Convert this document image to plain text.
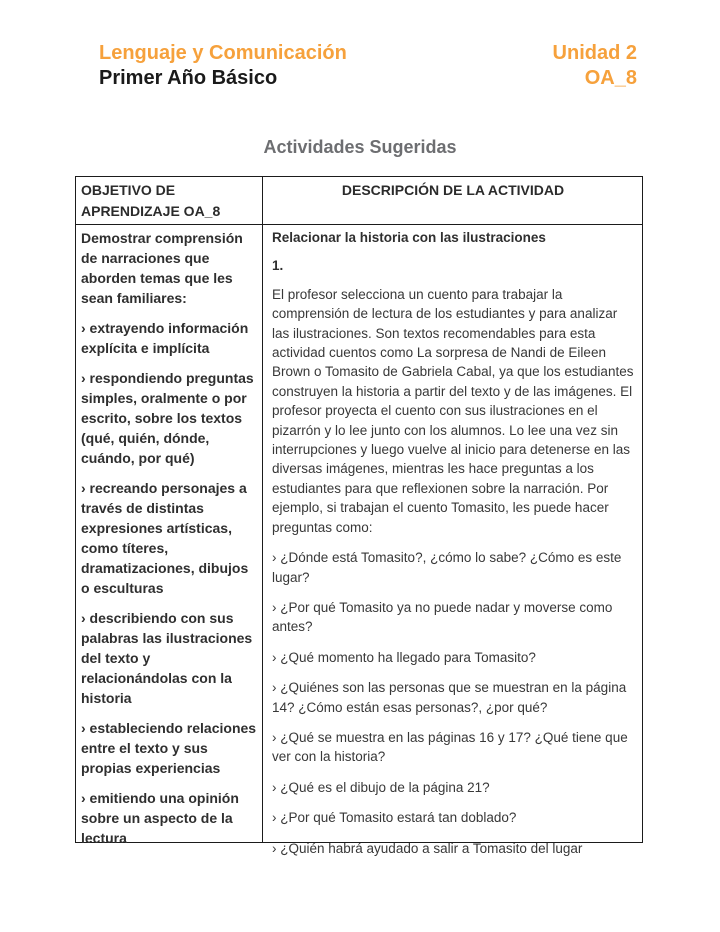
Lenguaje y Comunicación
Primer Año Básico
Unidad 2
OA_8
Actividades Sugeridas
OBJETIVO DE APRENDIZAJE OA_8
DESCRIPCIÓN DE LA ACTIVIDAD

Demostrar comprensión de narraciones que aborden temas que les sean familiares:

› extrayendo información explícita e implícita

› respondiendo preguntas simples, oralmente o por escrito, sobre los textos (qué, quién, dónde, cuándo, por qué)

› recreando personajes a través de distintas expresiones artísticas, como títeres, dramatizaciones, dibujos o esculturas

› describiendo con sus palabras las ilustraciones del texto y relacionándolas con la historia

› estableciendo relaciones entre el texto y sus propias experiencias

› emitiendo una opinión sobre un aspecto de la lectura

Relacionar la historia con las ilustraciones

1.

El profesor selecciona un cuento para trabajar la comprensión de lectura de los estudiantes y para analizar las ilustraciones. Son textos recomendables para esta actividad cuentos como La sorpresa de Nandi de Eileen Brown o Tomasito de Gabriela Cabal, ya que los estudiantes construyen la historia a partir del texto y de las imágenes. El profesor proyecta el cuento con sus ilustraciones en el pizarrón y lo lee junto con los alumnos. Lo lee una vez sin interrupciones y luego vuelve al inicio para detenerse en las diversas imágenes, mientras les hace preguntas a los estudiantes para que reflexionen sobre la narración. Por ejemplo, si trabajan el cuento Tomasito, les puede hacer preguntas como:

› ¿Dónde está Tomasito?, ¿cómo lo sabe? ¿Cómo es este lugar?

› ¿Por qué Tomasito ya no puede nadar y moverse como antes?

› ¿Qué momento ha llegado para Tomasito?

› ¿Quiénes son las personas que se muestran en la página 14? ¿Cómo están esas personas?, ¿por qué?

› ¿Qué se muestra en las páginas 16 y 17? ¿Qué tiene que ver con la historia?

› ¿Qué es el dibujo de la página 21?

› ¿Por qué Tomasito estará tan doblado?

› ¿Quién habrá ayudado a salir a Tomasito del lugar
